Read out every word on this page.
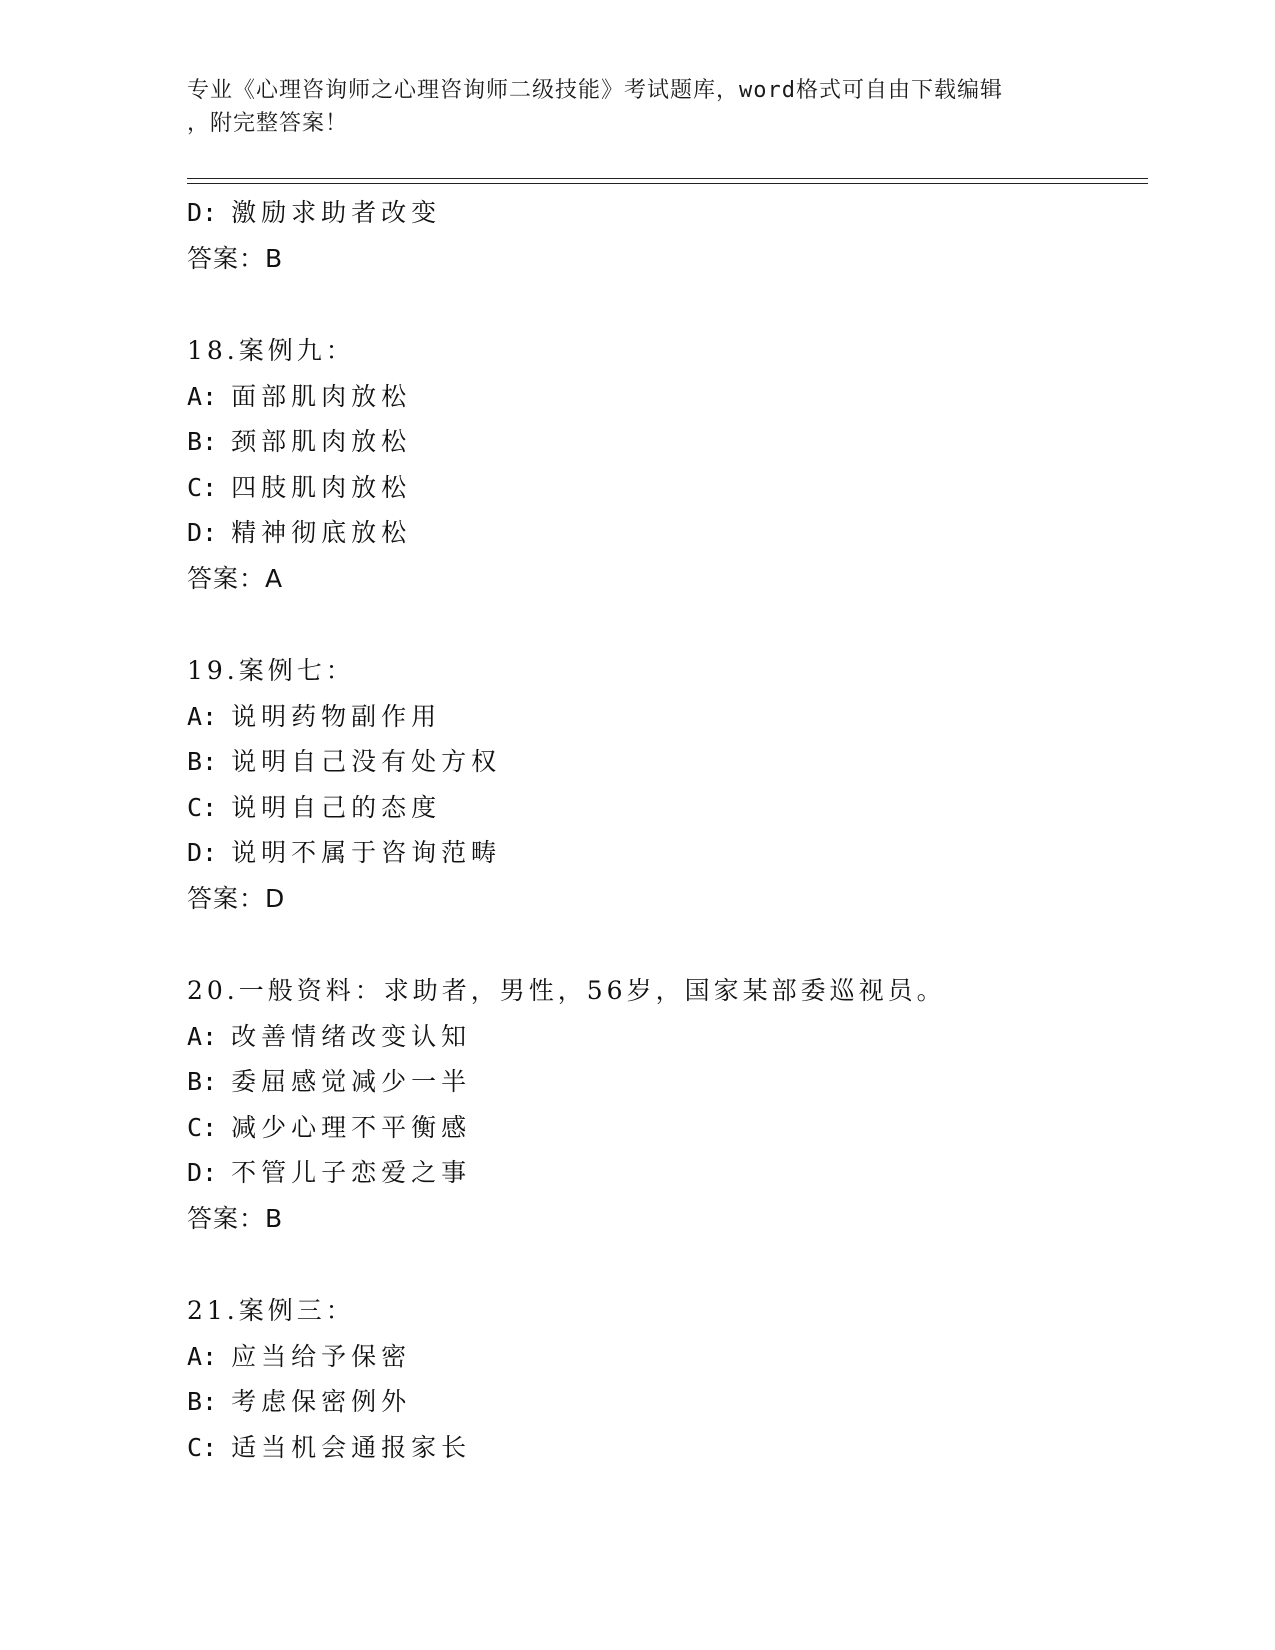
专业《心理咨询师之心理咨询师二级技能》考试题库，word格式可自由下载编辑
，附完整答案！
D: 激励求助者改变
答案：B
18.案例九：
A: 面部肌肉放松
B: 颈部肌肉放松
C: 四肢肌肉放松
D: 精神彻底放松
答案：A
19.案例七：
A: 说明药物副作用
B: 说明自己没有处方权
C: 说明自己的态度
D: 说明不属于咨询范畴
答案：D
20.一般资料：求助者，男性，56岁，国家某部委巡视员。
A: 改善情绪改变认知
B: 委屈感觉减少一半
C: 减少心理不平衡感
D: 不管儿子恋爱之事
答案：B
21.案例三：
A: 应当给予保密
B: 考虑保密例外
C: 适当机会通报家长
